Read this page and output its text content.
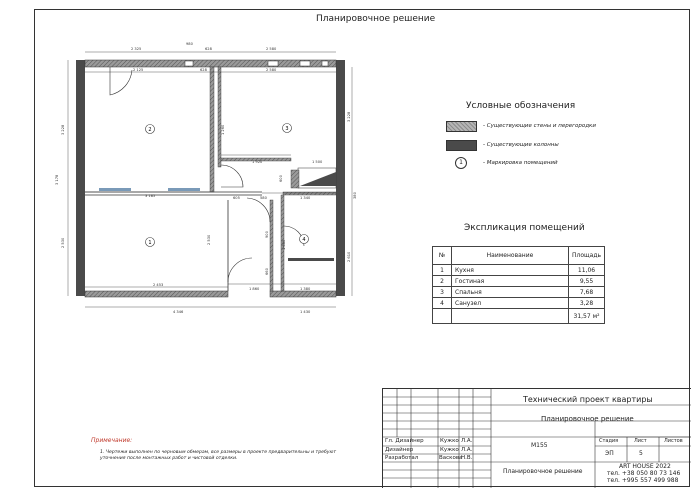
Планировочное решение
2 325
980
628	2 580
2 125	628	2 580
3 228
3 178
2 530
3 228
2 610
4 346	1 430
1 920	1 500
3 185	605	580	1 340
2 530
2 453
1 860	1 380
900
660
600
380
1 260
1 650
2	3
1	4
Условные обозначения
- Существующие стены и перегородки
- Существующие колонны
1	- Маркировка помещений
Экспликация помещений
№	Наименование	Площадь
1	Кухня	11,06
2	Гостиная	9,55
3	Спальня	7,68
4	Санузел	3,28
		31,57 м²
Примечание:
1. Чертежи выполнен по черновым обмерам, все размеры в проекте предварительны и требуют уточнения после монтажных работ и чистовой отделки.
Технический проект квартиры
Планировочное решение
М155
Стадия	Лист	Листов
ЭП	5
Гл. Дизайнер	Кужко Л.А.
Дизайнер	Кужко Л.А.
Разработал	Васкова
Н.В.
Планировочное решение
ART HOUSE 2022
тел. +38 050 80 73 146
тел. +995 557 499 988
